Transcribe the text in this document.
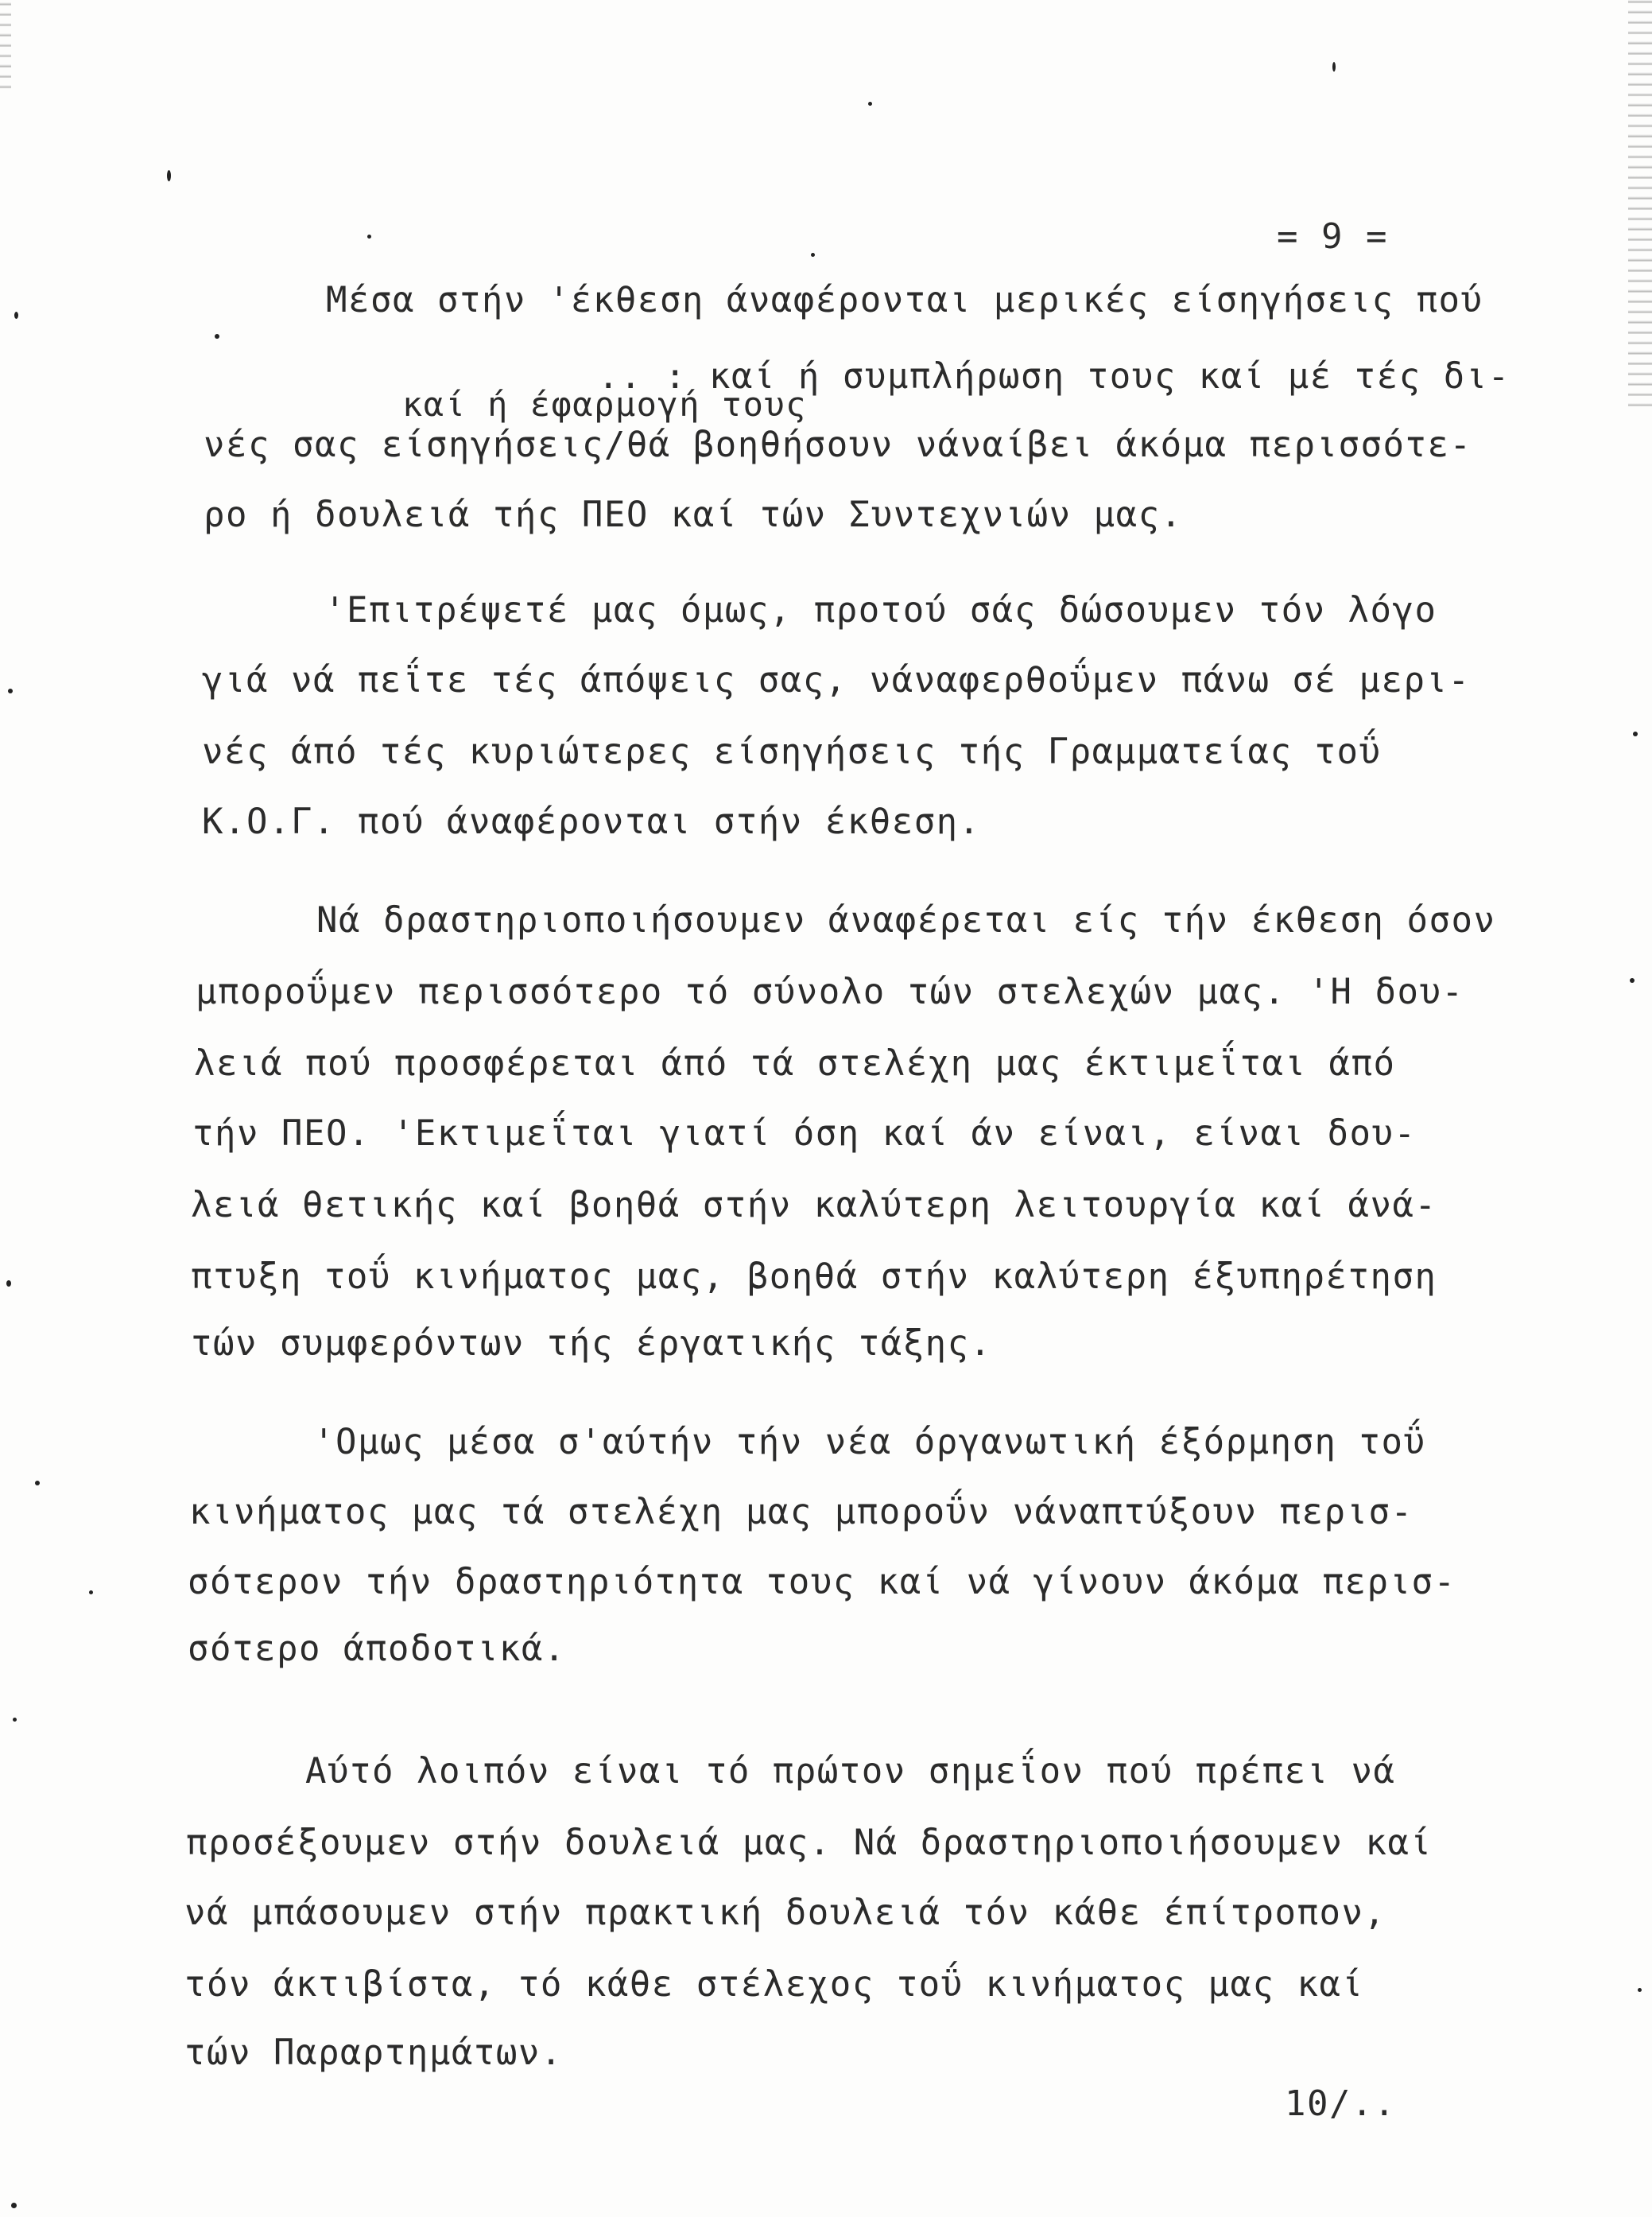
= 9 =
Μέσα στήν 'έκθεση άναφέρονται μερικές είσηγήσεις πού
.. : καί ή συμπλήρωση τους καί μέ τές δι-
καί ή έφαρμογή τους
νές σας είσηγήσεις/θά βοηθήσουν νάναίβει άκόμα περισσότε-
ρο ή δουλειά τής ΠΕΟ καί τών Συντεχνιών μας.
'Επιτρέψετέ μας όμως, προτού σάς δώσουμεν τόν λόγο
γιά νά πεΐτε τές άπόψεις σας, νάναφερθοΰμεν πάνω σέ μερι-
νές άπό τές κυριώτερες είσηγήσεις τής Γραμματείας τοΰ
Κ.Ο.Γ. πού άναφέρονται στήν έκθεση.
Νά δραστηριοποιήσουμεν άναφέρεται είς τήν έκθεση όσον
μποροΰμεν περισσότερο τό σύνολο τών στελεχών μας. 'Η δου-
λειά πού προσφέρεται άπό τά στελέχη μας έκτιμεΐται άπό
τήν ΠΕΟ. 'Εκτιμεΐται γιατί όση καί άν είναι, είναι δου-
λειά θετικής καί βοηθά στήν καλύτερη λειτουργία καί άνά-
πτυξη τοΰ κινήματος μας, βοηθά στήν καλύτερη έξυπηρέτηση
τών συμφερόντων τής έργατικής τάξης.
'Ομως μέσα σ'αύτήν τήν νέα όργανωτική έξόρμηση τοΰ
κινήματος μας τά στελέχη μας μποροΰν νάναπτύξουν περισ-
σότερον τήν δραστηριότητα τους καί νά γίνουν άκόμα περισ-
σότερο άποδοτικά.
Αύτό λοιπόν είναι τό πρώτον σημεΐον πού πρέπει νά
προσέξουμεν στήν δουλειά μας. Νά δραστηριοποιήσουμεν καί
νά μπάσουμεν στήν πρακτική δουλειά τόν κάθε έπίτροπον,
τόν άκτιβίστα, τό κάθε στέλεχος τοΰ κινήματος μας καί
τών Παραρτημάτων.
10/..
